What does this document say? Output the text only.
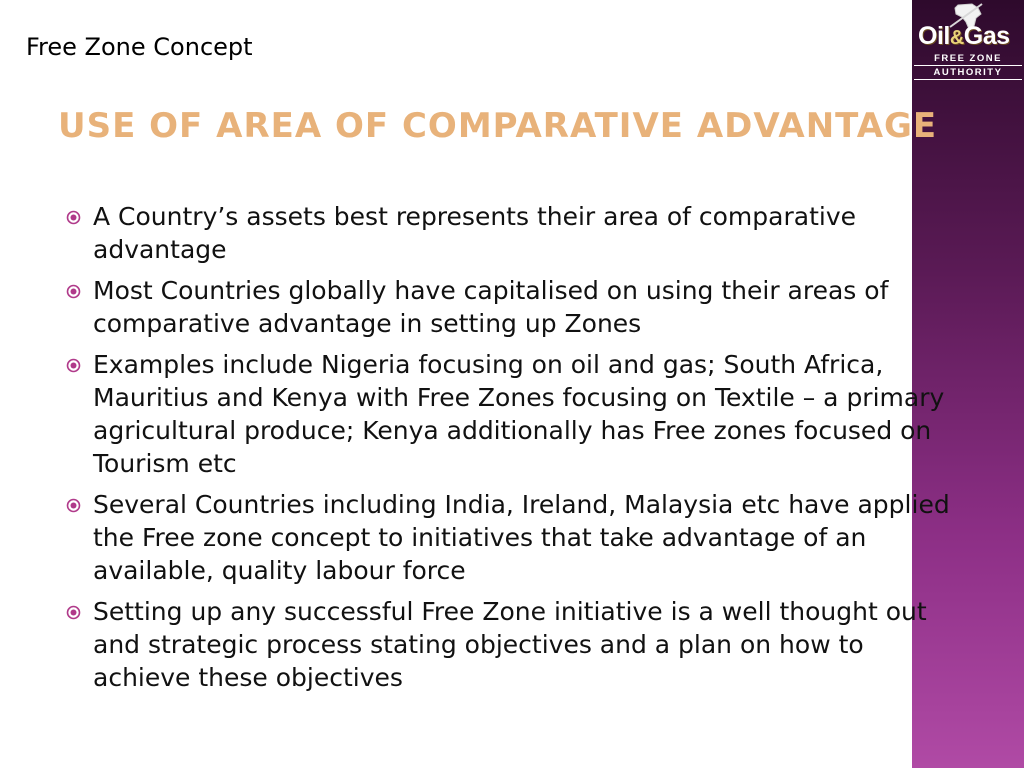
Oil&Gas
FREE ZONE
AUTHORITY
Free Zone Concept
USE OF AREA OF COMPARATIVE ADVANTAGE
A Country’s assets best represents their area of comparative advantage
Most Countries globally have capitalised on using their areas of comparative advantage in setting up Zones
Examples include Nigeria focusing on oil and gas; South Africa, Mauritius and Kenya with Free Zones focusing on Textile – a primary agricultural produce; Kenya additionally has Free zones focused on Tourism etc
Several Countries including India, Ireland, Malaysia etc have applied the Free zone concept to initiatives that take advantage of an available, quality labour force
Setting up any successful Free Zone initiative is a well thought out and strategic process stating objectives and a plan on how to achieve these objectives
